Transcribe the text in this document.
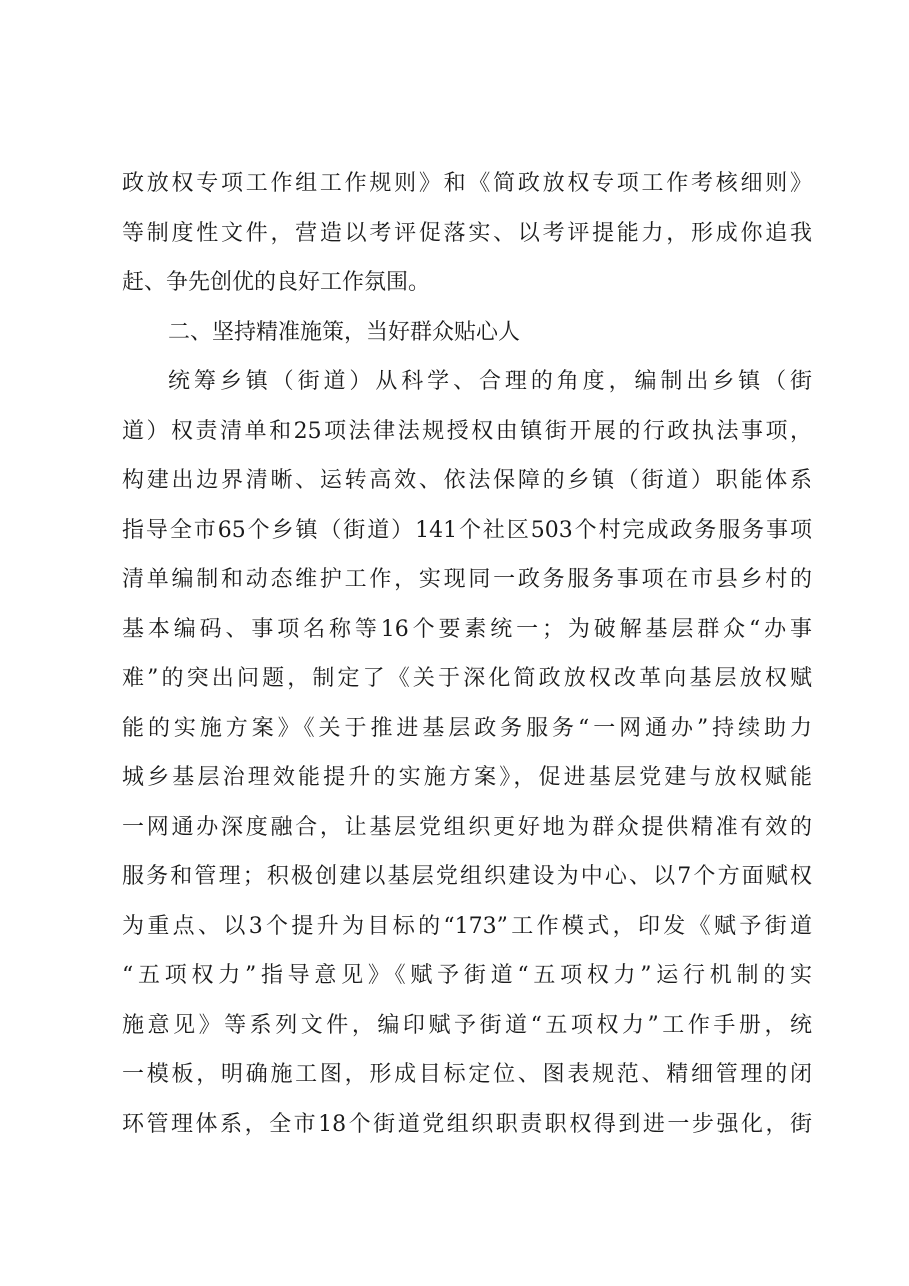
政放权专项工作组工作规则》和《简政放权专项工作考核细则》
等制度性文件，营造以考评促落实、以考评提能力，形成你追我
赶、争先创优的良好工作氛围。
二、坚持精准施策，当好群众贴心人
统筹乡镇（街道）从科学、合理的角度，编制出乡镇（街
道）权责清单和25项法律法规授权由镇街开展的行政执法事项，
构建出边界清晰、运转高效、依法保障的乡镇（街道）职能体系
指导全市65个乡镇（街道）141个社区503个村完成政务服务事项
清单编制和动态维护工作，实现同一政务服务事项在市县乡村的
基本编码、事项名称等16个要素统一；为破解基层群众“办事
难”的突出问题，制定了《关于深化简政放权改革向基层放权赋
能的实施方案》《关于推进基层政务服务“一网通办”持续助力
城乡基层治理效能提升的实施方案》，促进基层党建与放权赋能
一网通办深度融合，让基层党组织更好地为群众提供精准有效的
服务和管理；积极创建以基层党组织建设为中心、以7个方面赋权
为重点、以3个提升为目标的“173”工作模式，印发《赋予街道
“五项权力”指导意见》《赋予街道“五项权力”运行机制的实
施意见》等系列文件，编印赋予街道“五项权力”工作手册，统
一模板，明确施工图，形成目标定位、图表规范、精细管理的闭
环管理体系，全市18个街道党组织职责职权得到进一步强化，街
